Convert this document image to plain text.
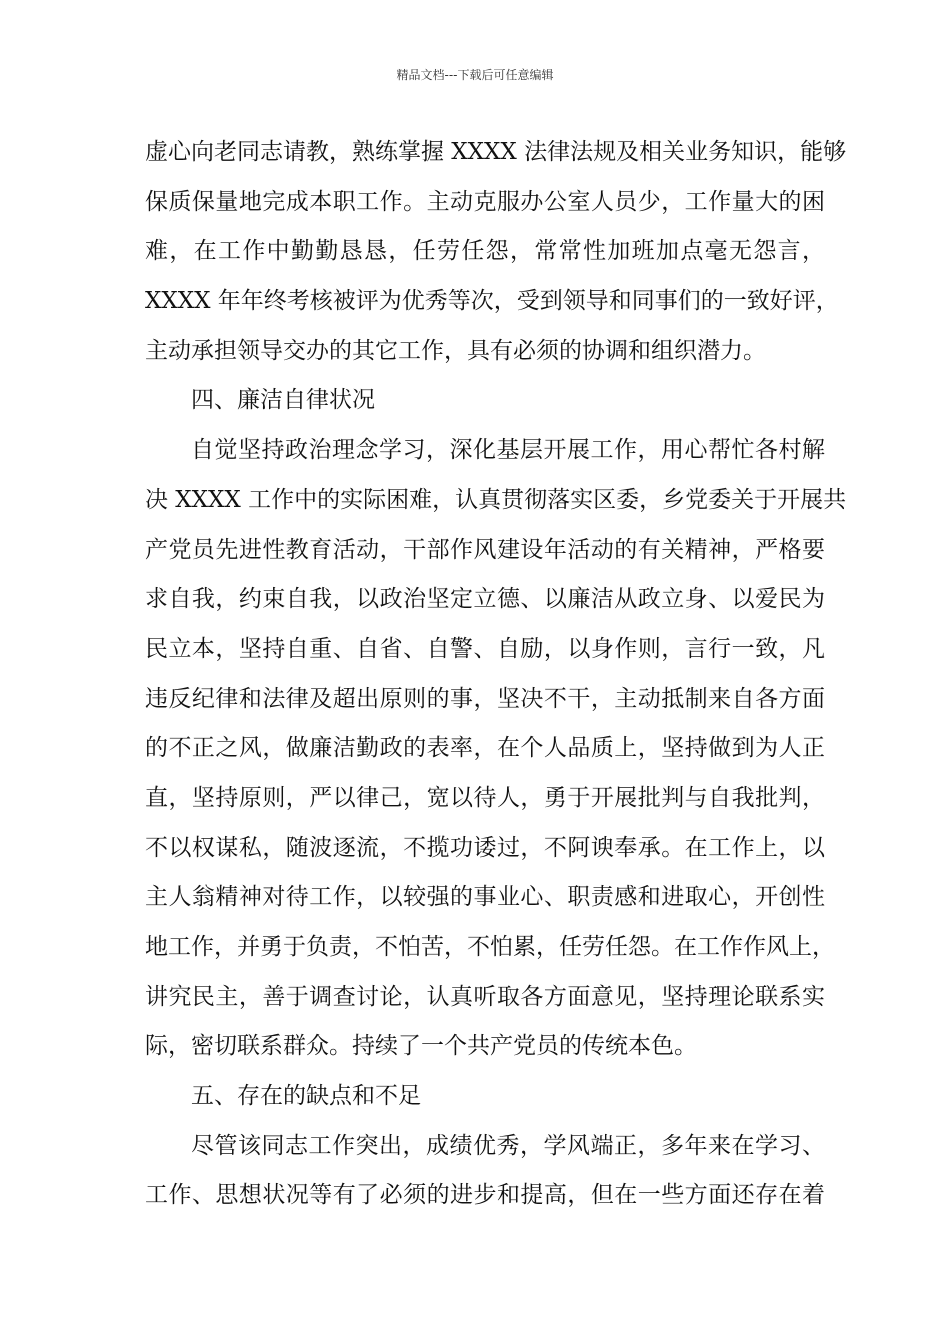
精品文档---下载后可任意编辑
虚心向老同志请教，熟练掌握 XXXX 法律法规及相关业务知识，能够
保质保量地完成本职工作。主动克服办公室人员少，工作量大的困
难，在工作中勤勤恳恳，任劳任怨，常常性加班加点毫无怨言，
XXXX 年年终考核被评为优秀等次，受到领导和同事们的一致好评，
主动承担领导交办的其它工作，具有必须的协调和组织潜力。
四、廉洁自律状况
自觉坚持政治理念学习，深化基层开展工作，用心帮忙各村解
决 XXXX 工作中的实际困难，认真贯彻落实区委，乡党委关于开展共
产党员先进性教育活动，干部作风建设年活动的有关精神，严格要
求自我，约束自我，以政治坚定立德、以廉洁从政立身、以爱民为
民立本，坚持自重、自省、自警、自励，以身作则，言行一致，凡
违反纪律和法律及超出原则的事，坚决不干，主动抵制来自各方面
的不正之风，做廉洁勤政的表率，在个人品质上，坚持做到为人正
直，坚持原则，严以律己，宽以待人，勇于开展批判与自我批判，
不以权谋私，随波逐流，不揽功诿过，不阿谀奉承。在工作上，以
主人翁精神对待工作，以较强的事业心、职责感和进取心，开创性
地工作，并勇于负责，不怕苦，不怕累，任劳任怨。在工作作风上，
讲究民主，善于调查讨论，认真听取各方面意见，坚持理论联系实
际，密切联系群众。持续了一个共产党员的传统本色。
五、存在的缺点和不足
尽管该同志工作突出，成绩优秀，学风端正，多年来在学习、
工作、思想状况等有了必须的进步和提高，但在一些方面还存在着
